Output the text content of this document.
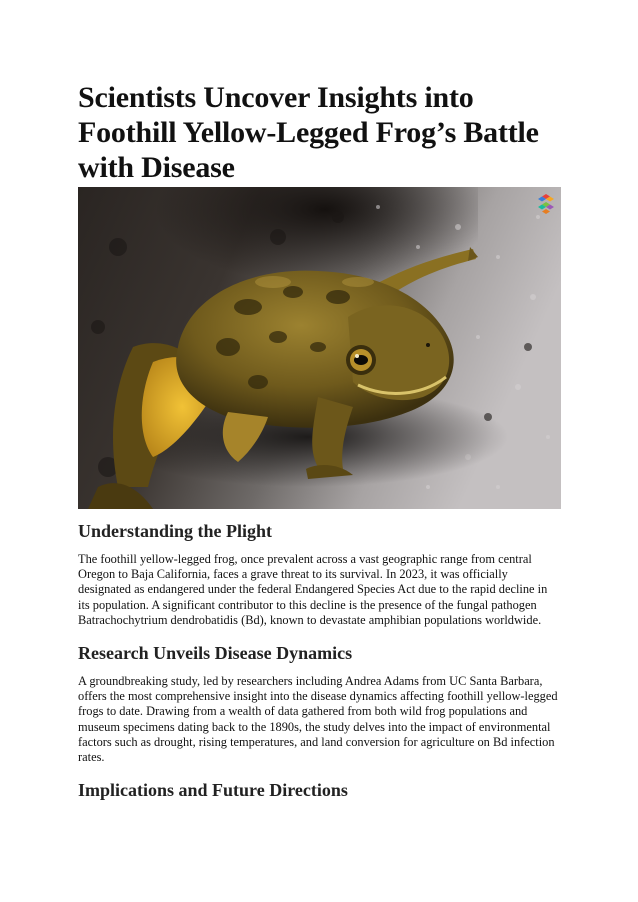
Scientists Uncover Insights into Foothill Yellow-Legged Frog’s Battle with Disease
Understanding the Plight

The foothill yellow-legged frog, once prevalent across a vast geographic range from central Oregon to Baja California, faces a grave threat to its survival. In 2023, it was officially designated as endangered under the federal Endangered Species Act due to the rapid decline in its population. A significant contributor to this decline is the presence of the fungal pathogen Batrachochytrium dendrobatidis (Bd), known to devastate amphibian populations worldwide.

Research Unveils Disease Dynamics

A groundbreaking study, led by researchers including Andrea Adams from UC Santa Barbara, offers the most comprehensive insight into the disease dynamics affecting foothill yellow-legged frogs to date. Drawing from a wealth of data gathered from both wild frog populations and museum specimens dating back to the 1890s, the study delves into the impact of environmental factors such as drought, rising temperatures, and land conversion for agriculture on Bd infection rates.

Implications and Future Directions
